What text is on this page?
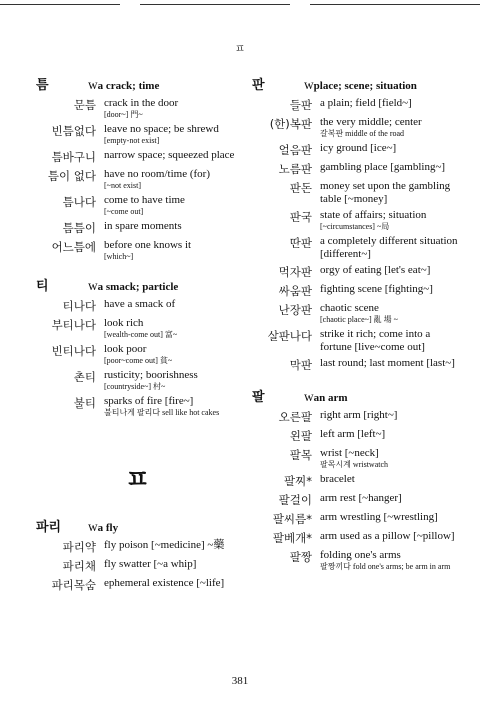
ㅍ
틈	w a crack; time
문틈 crack in the door
[door~] 門~
빈틈없다 leave no space; be shrewd
[empty-not exist]
틈바구니 narrow space; squeezed place
틈이 없다 have no room/time (for)
[~not exist]
틈나다 come to have time
[~come out]
틈틈이 in spare moments
어느틈에 before one knows it
[which~]
티	w a smack; particle
티나다 have a smack of
부티나다 look rich
[wealth-come out] 富~
빈티나다 look poor
[poor~come out] 貧~
촌티 rusticity; boorishness
[countryside~] 村~
불티 sparks of fire [fire~]
불티나게 팔리다 sell like hot cakes
ㅍ
파리	w a fly
파리약 fly poison [~medicine] ~藥
파리채 fly swatter [~a whip]
파리목숨 ephemeral existence [~life]
판	w place; scene; situation
들판 a plain; field [field~]
(한)복판 the very middle; center
갈복판 middle of the road
얼음판 icy ground [ice~]
노름판 gambling place [gambling~]
판돈 money set upon the gambling table [~money]
판국 state of affairs; situation
[~circumstances] ~局
딴판 a completely different situation [different~]
먹자판 orgy of eating [let's eat~]
싸움판 fighting scene [fighting~]
난장판 chaotic scene
[chaotic place~] 亂 場 ~
살판나다 strike it rich; come into a fortune [live~come out]
막판 last round; last moment [last~]
팔	w an arm
오른팔 right arm [right~]
왼팔 left arm [left~]
팔목 wrist [~neck]
팔목시계 wristwatch
팔찌* bracelet
팔걸이 arm rest [~hanger]
팔씨름* arm wrestling [~wrestling]
팔베개* arm used as a pillow [~pillow]
팔짱 folding one's arms
팔짱끼다 fold one's arms; be arm in arm
381
